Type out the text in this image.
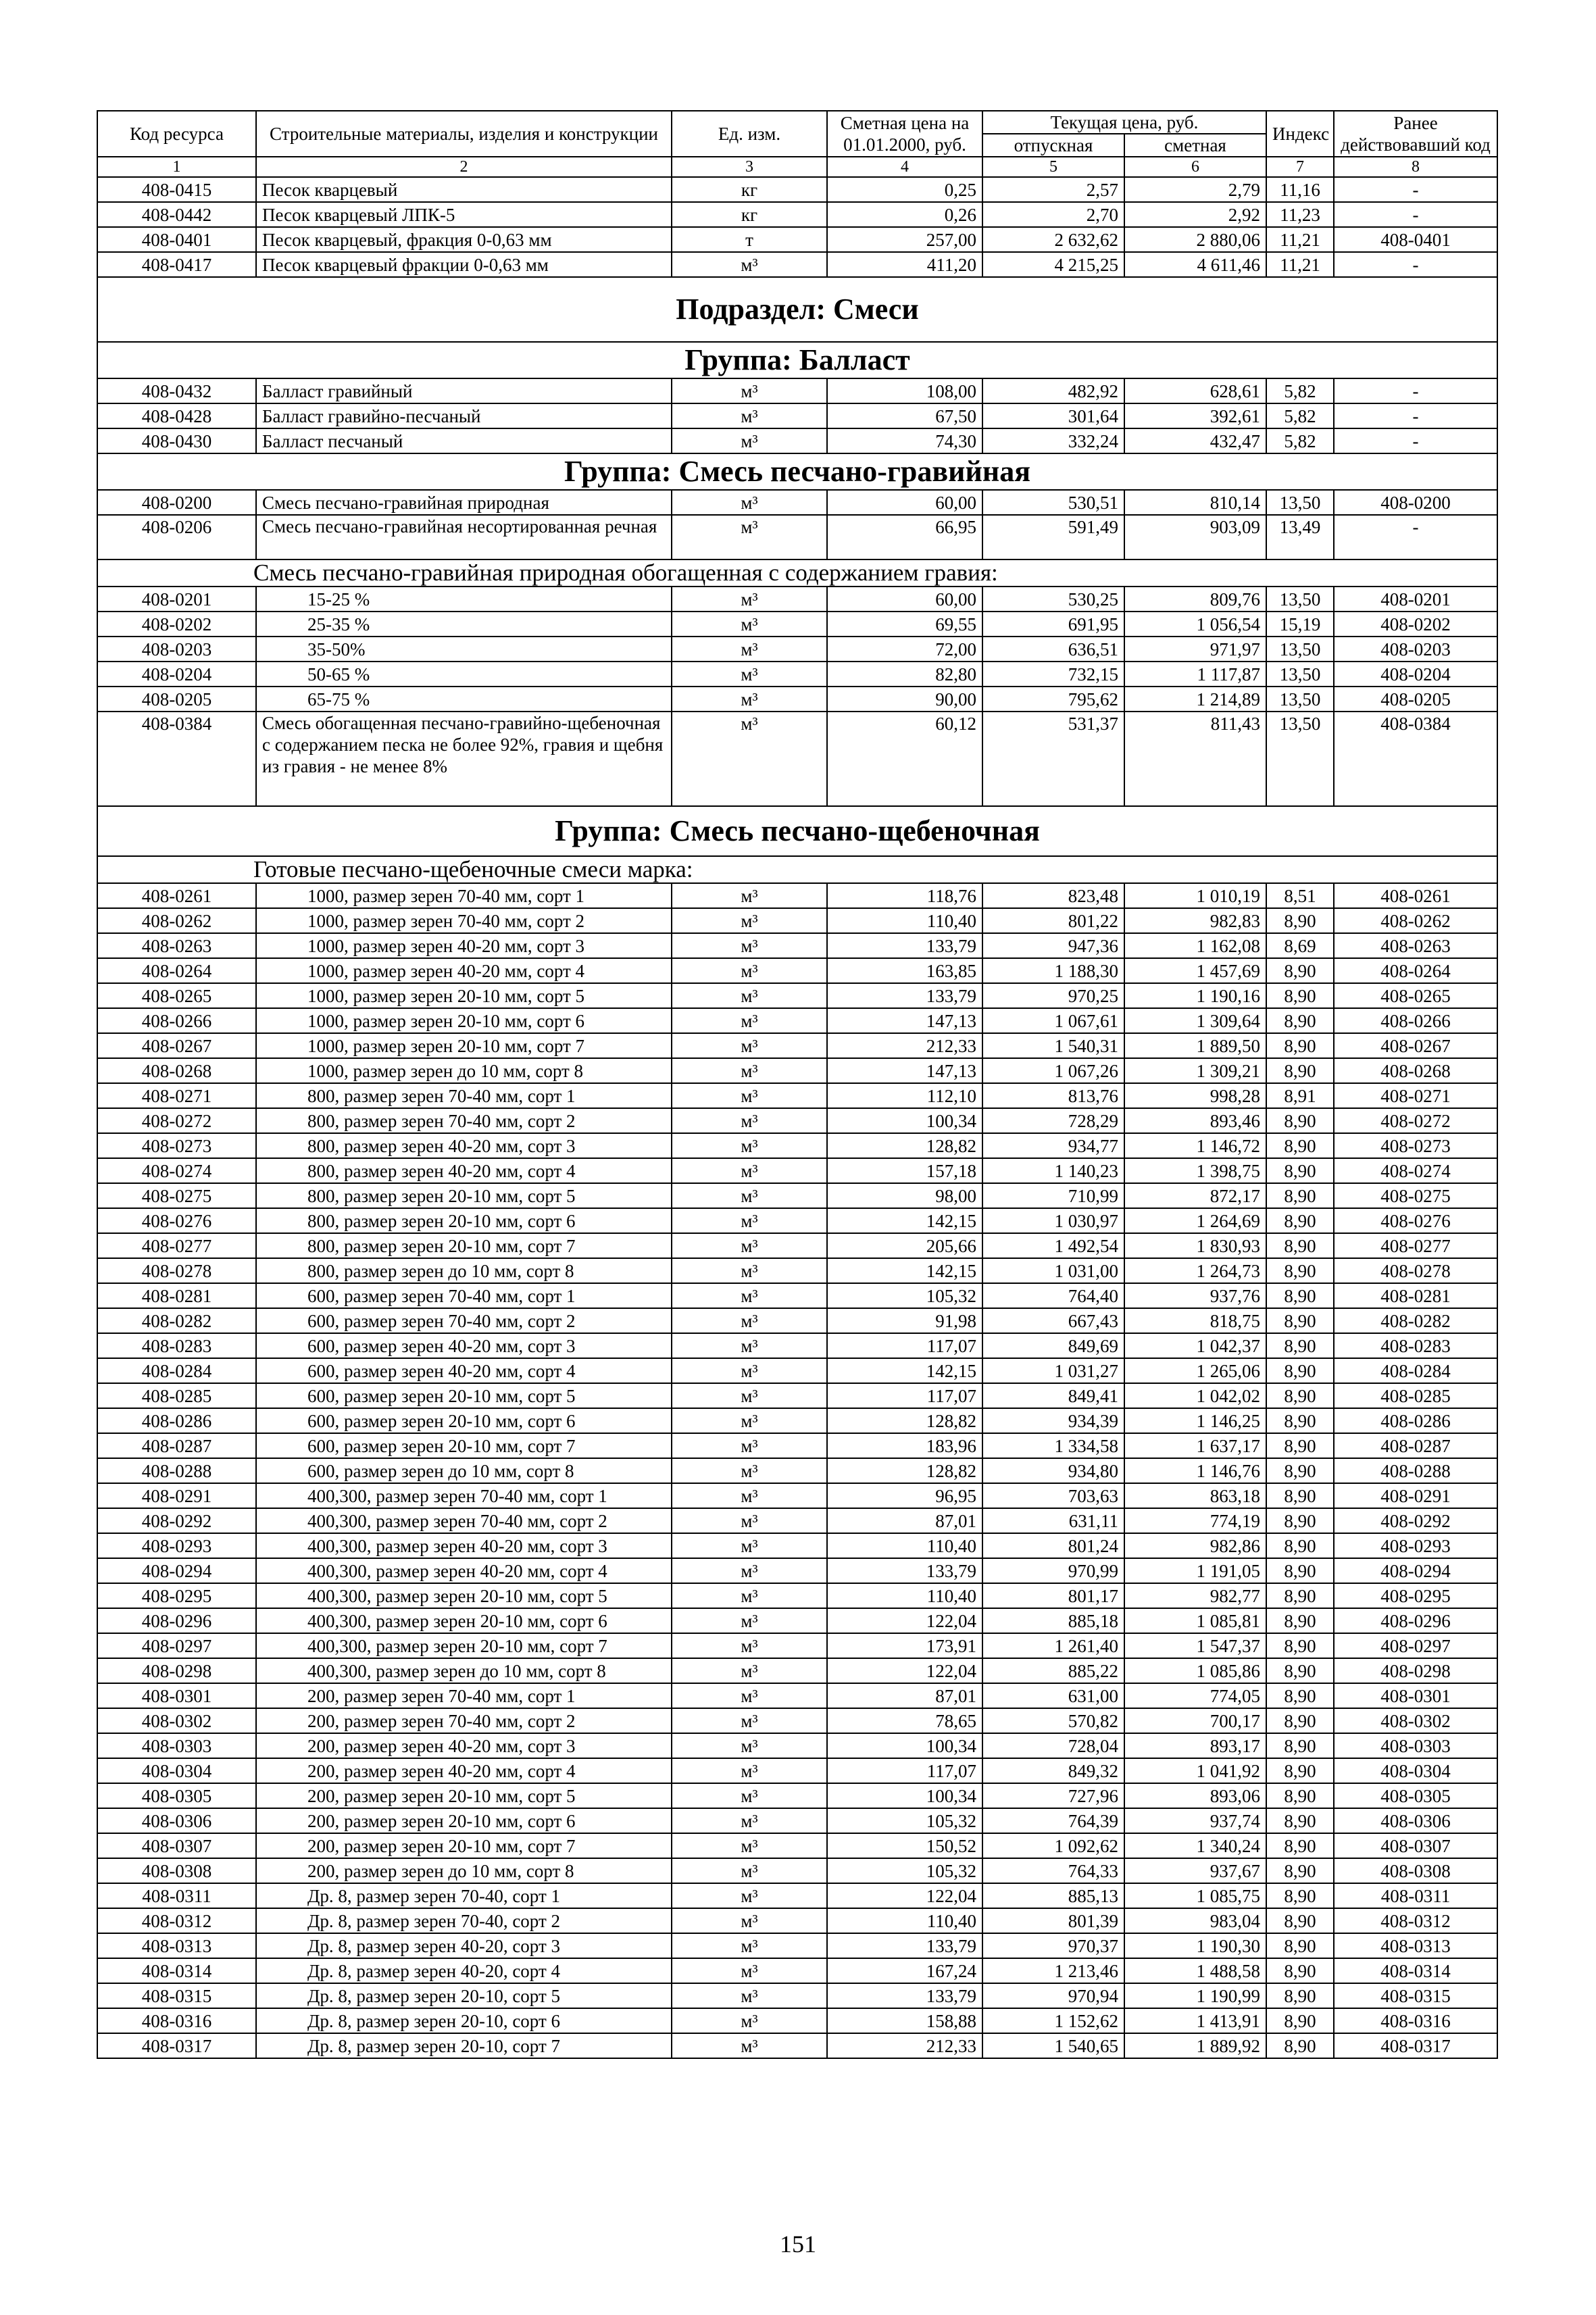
Код ресурса	Строительные материалы, изделия и конструкции	Ед. изм.	Сметная цена на 01.01.2000, руб.	Текущая цена, руб.		Индекс	Ранее действовавший код
				отпускная	сметная		
1	2	3	4	5	6	7	8
408-0415	Песок кварцевый	кг	0,25	2,57	2,79	11,16	-
408-0442	Песок кварцевый ЛПК-5	кг	0,26	2,70	2,92	11,23	-
408-0401	Песок кварцевый, фракция 0-0,63 мм	т	257,00	2 632,62	2 880,06	11,21	408-0401
408-0417	Песок кварцевый фракции 0-0,63 мм	м³	411,20	4 215,25	4 611,46	11,21	-
Подраздел: Смеси							
Группа: Балласт							
408-0432	Балласт гравийный	м³	108,00	482,92	628,61	5,82	-
408-0428	Балласт гравийно-песчаный	м³	67,50	301,64	392,61	5,82	-
408-0430	Балласт песчаный	м³	74,30	332,24	432,47	5,82	-
Группа: Смесь песчано-гравийная							
408-0200	Смесь песчано-гравийная природная	м³	60,00	530,51	810,14	13,50	408-0200
408-0206	Смесь песчано-гравийная несортированная речная	м³	66,95	591,49	903,09	13,49	-
Смесь песчано-гравийная природная обогащенная с содержанием гравия:							
408-0201	15-25 %	м³	60,00	530,25	809,76	13,50	408-0201
408-0202	25-35 %	м³	69,55	691,95	1 056,54	15,19	408-0202
408-0203	35-50%	м³	72,00	636,51	971,97	13,50	408-0203
408-0204	50-65 %	м³	82,80	732,15	1 117,87	13,50	408-0204
408-0205	65-75 %	м³	90,00	795,62	1 214,89	13,50	408-0205
408-0384	Смесь обогащенная песчано-гравийно-щебеночная с содержанием песка не более 92%, гравия и щебня из гравия - не менее 8%	м³	60,12	531,37	811,43	13,50	408-0384
Группа: Смесь песчано-щебеночная							
Готовые песчано-щебеночные смеси марка:							
408-0261	1000, размер зерен 70-40 мм, сорт 1	м³	118,76	823,48	1 010,19	8,51	408-0261
408-0262	1000, размер зерен 70-40 мм, сорт 2	м³	110,40	801,22	982,83	8,90	408-0262
408-0263	1000, размер зерен 40-20 мм, сорт 3	м³	133,79	947,36	1 162,08	8,69	408-0263
408-0264	1000, размер зерен 40-20 мм, сорт 4	м³	163,85	1 188,30	1 457,69	8,90	408-0264
408-0265	1000, размер зерен 20-10 мм, сорт 5	м³	133,79	970,25	1 190,16	8,90	408-0265
408-0266	1000, размер зерен 20-10 мм, сорт 6	м³	147,13	1 067,61	1 309,64	8,90	408-0266
408-0267	1000, размер зерен 20-10 мм, сорт 7	м³	212,33	1 540,31	1 889,50	8,90	408-0267
408-0268	1000, размер зерен до 10 мм, сорт 8	м³	147,13	1 067,26	1 309,21	8,90	408-0268
408-0271	800, размер зерен 70-40 мм, сорт 1	м³	112,10	813,76	998,28	8,91	408-0271
408-0272	800, размер зерен 70-40 мм, сорт 2	м³	100,34	728,29	893,46	8,90	408-0272
408-0273	800, размер зерен 40-20 мм, сорт 3	м³	128,82	934,77	1 146,72	8,90	408-0273
408-0274	800, размер зерен 40-20 мм, сорт 4	м³	157,18	1 140,23	1 398,75	8,90	408-0274
408-0275	800, размер зерен 20-10 мм, сорт 5	м³	98,00	710,99	872,17	8,90	408-0275
408-0276	800, размер зерен 20-10 мм, сорт 6	м³	142,15	1 030,97	1 264,69	8,90	408-0276
408-0277	800, размер зерен 20-10 мм, сорт 7	м³	205,66	1 492,54	1 830,93	8,90	408-0277
408-0278	800, размер зерен до 10 мм, сорт 8	м³	142,15	1 031,00	1 264,73	8,90	408-0278
408-0281	600, размер зерен 70-40 мм, сорт 1	м³	105,32	764,40	937,76	8,90	408-0281
408-0282	600, размер зерен 70-40 мм, сорт 2	м³	91,98	667,43	818,75	8,90	408-0282
408-0283	600, размер зерен 40-20 мм, сорт 3	м³	117,07	849,69	1 042,37	8,90	408-0283
408-0284	600, размер зерен 40-20 мм, сорт 4	м³	142,15	1 031,27	1 265,06	8,90	408-0284
408-0285	600, размер зерен 20-10 мм, сорт 5	м³	117,07	849,41	1 042,02	8,90	408-0285
408-0286	600, размер зерен 20-10 мм, сорт 6	м³	128,82	934,39	1 146,25	8,90	408-0286
408-0287	600, размер зерен 20-10 мм, сорт 7	м³	183,96	1 334,58	1 637,17	8,90	408-0287
408-0288	600, размер зерен до 10 мм, сорт 8	м³	128,82	934,80	1 146,76	8,90	408-0288
408-0291	400,300, размер зерен 70-40 мм, сорт 1	м³	96,95	703,63	863,18	8,90	408-0291
408-0292	400,300, размер зерен 70-40 мм, сорт 2	м³	87,01	631,11	774,19	8,90	408-0292
408-0293	400,300, размер зерен 40-20 мм, сорт 3	м³	110,40	801,24	982,86	8,90	408-0293
408-0294	400,300, размер зерен 40-20 мм, сорт 4	м³	133,79	970,99	1 191,05	8,90	408-0294
408-0295	400,300, размер зерен 20-10 мм, сорт 5	м³	110,40	801,17	982,77	8,90	408-0295
408-0296	400,300, размер зерен 20-10 мм, сорт 6	м³	122,04	885,18	1 085,81	8,90	408-0296
408-0297	400,300, размер зерен 20-10 мм, сорт 7	м³	173,91	1 261,40	1 547,37	8,90	408-0297
408-0298	400,300, размер зерен до 10 мм, сорт 8	м³	122,04	885,22	1 085,86	8,90	408-0298
408-0301	200, размер зерен 70-40 мм, сорт 1	м³	87,01	631,00	774,05	8,90	408-0301
408-0302	200, размер зерен 70-40 мм, сорт 2	м³	78,65	570,82	700,17	8,90	408-0302
408-0303	200, размер зерен 40-20 мм, сорт 3	м³	100,34	728,04	893,17	8,90	408-0303
408-0304	200, размер зерен 40-20 мм, сорт 4	м³	117,07	849,32	1 041,92	8,90	408-0304
408-0305	200, размер зерен 20-10 мм, сорт 5	м³	100,34	727,96	893,06	8,90	408-0305
408-0306	200, размер зерен 20-10 мм, сорт 6	м³	105,32	764,39	937,74	8,90	408-0306
408-0307	200, размер зерен 20-10 мм, сорт 7	м³	150,52	1 092,62	1 340,24	8,90	408-0307
408-0308	200, размер зерен до 10 мм, сорт 8	м³	105,32	764,33	937,67	8,90	408-0308
408-0311	Др. 8, размер зерен 70-40, сорт 1	м³	122,04	885,13	1 085,75	8,90	408-0311
408-0312	Др. 8, размер зерен 70-40, сорт 2	м³	110,40	801,39	983,04	8,90	408-0312
408-0313	Др. 8, размер зерен 40-20, сорт 3	м³	133,79	970,37	1 190,30	8,90	408-0313
408-0314	Др. 8, размер зерен 40-20, сорт 4	м³	167,24	1 213,46	1 488,58	8,90	408-0314
408-0315	Др. 8, размер зерен 20-10, сорт 5	м³	133,79	970,94	1 190,99	8,90	408-0315
408-0316	Др. 8, размер зерен 20-10, сорт 6	м³	158,88	1 152,62	1 413,91	8,90	408-0316
408-0317	Др. 8, размер зерен 20-10, сорт 7	м³	212,33	1 540,65	1 889,92	8,90	408-0317
151
